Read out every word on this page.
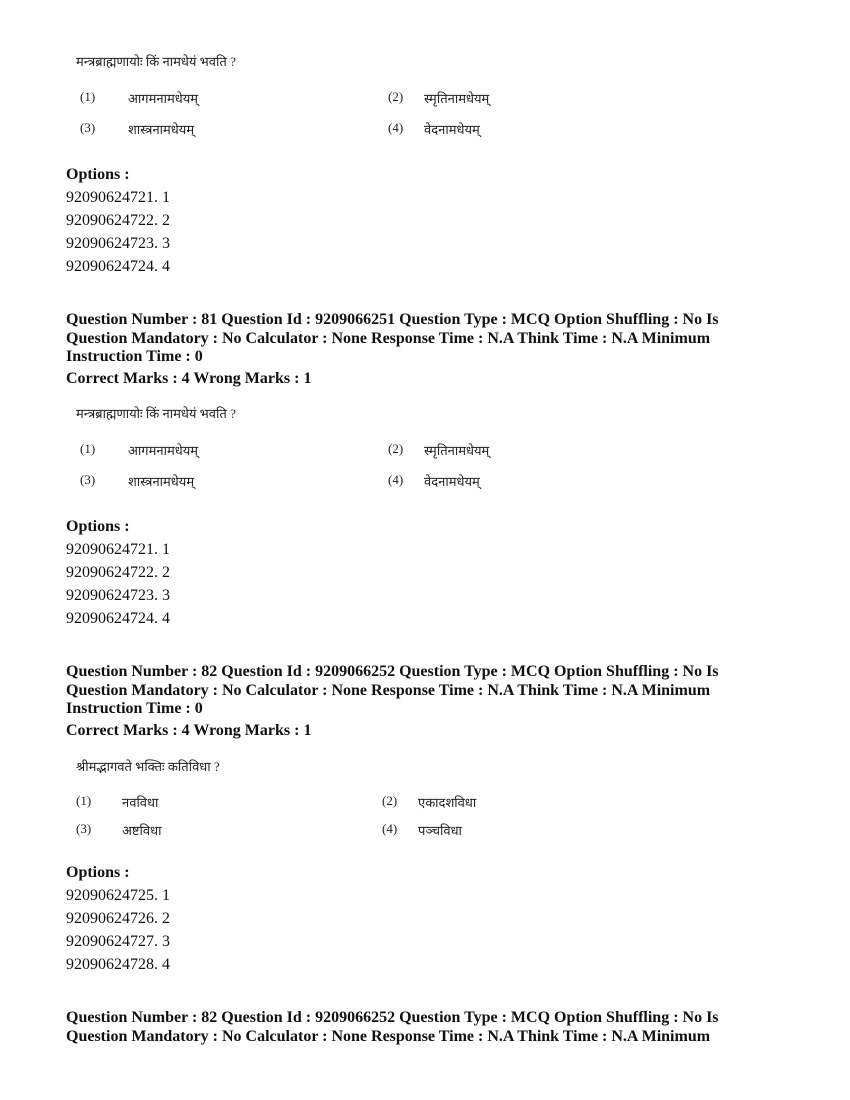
मन्त्रब्राह्मणायोः किं नामधेयं भवति ?
(1)	आगमनामधेयम्	(2) स्मृतिनामधेयम्
(3)	शास्त्रनामधेयम्	(4) वेदनामधेयम्
Options :
92090624721. 1
92090624722. 2
92090624723. 3
92090624724. 4
Question Number : 81 Question Id : 9209066251 Question Type : MCQ Option Shuffling : No Is
Question Mandatory : No Calculator : None Response Time : N.A Think Time : N.A Minimum
Instruction Time : 0
Correct Marks : 4 Wrong Marks : 1
मन्त्रब्राह्मणायोः किं नामधेयं भवति ?
(1)	आगमनामधेयम्	(2) स्मृतिनामधेयम्
(3)	शास्त्रनामधेयम्	(4) वेदनामधेयम्
Options :
92090624721. 1
92090624722. 2
92090624723. 3
92090624724. 4
Question Number : 82 Question Id : 9209066252 Question Type : MCQ Option Shuffling : No Is
Question Mandatory : No Calculator : None Response Time : N.A Think Time : N.A Minimum
Instruction Time : 0
Correct Marks : 4 Wrong Marks : 1
श्रीमद्भागवते भक्तिः कतिविधा ?
(1) नवविधा	(2) एकादशविधा
(3) अष्टविधा	(4) पञ्चविधा
Options :
92090624725. 1
92090624726. 2
92090624727. 3
92090624728. 4
Question Number : 82 Question Id : 9209066252 Question Type : MCQ Option Shuffling : No Is
Question Mandatory : No Calculator : None Response Time : N.A Think Time : N.A Minimum
